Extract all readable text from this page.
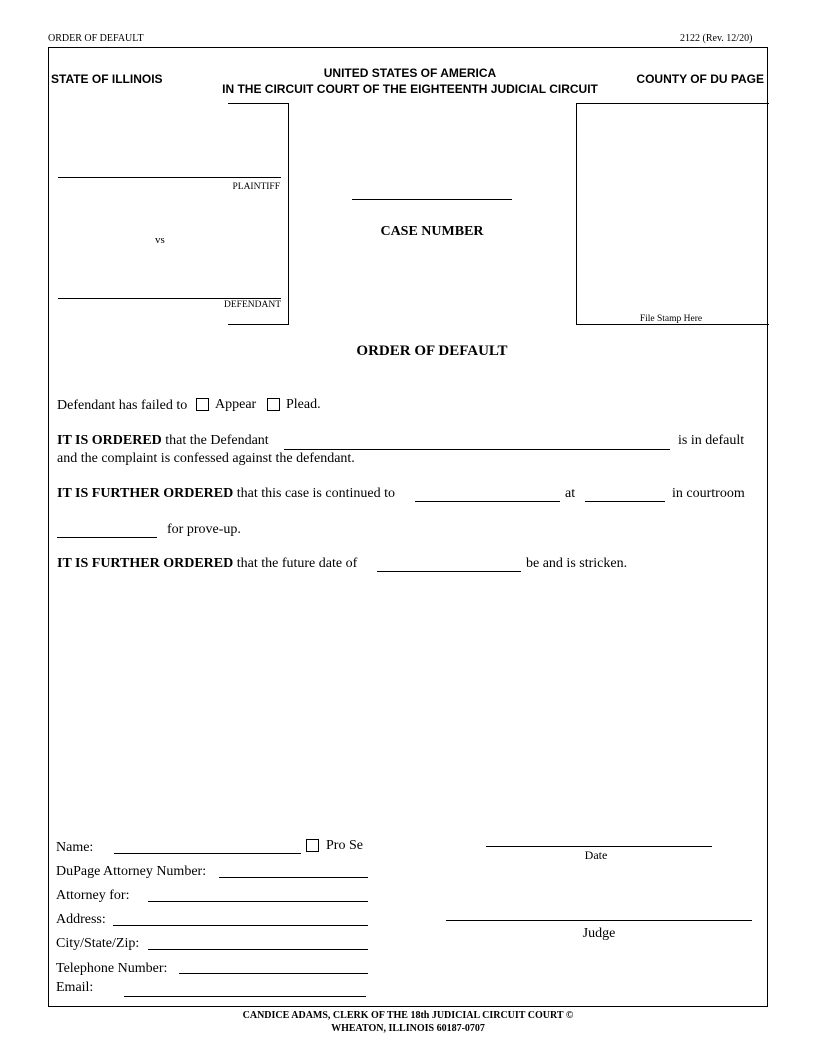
ORDER OF DEFAULT	2122 (Rev. 12/20)
STATE OF ILLINOIS	UNITED STATES OF AMERICA
IN THE CIRCUIT COURT OF THE EIGHTEENTH JUDICIAL CIRCUIT
COUNTY OF DU PAGE
PLAINTIFF
vs
DEFENDANT
CASE NUMBER
File Stamp Here
ORDER OF DEFAULT
Defendant has failed to Appear Plead.
IT IS ORDERED that the Defendant	is in default
and the complaint is confessed against the defendant.
IT IS FURTHER ORDERED that this case is continued to	at	in courtroom
for prove-up.
IT IS FURTHER ORDERED that the future date of	be and is stricken.
Name:	Pro Se
DuPage Attorney Number:
Attorney for:
Address:
City/State/Zip:
Telephone Number:
Email:
Date
Judge
CANDICE ADAMS, CLERK OF THE 18th JUDICIAL CIRCUIT COURT ©
WHEATON, ILLINOIS 60187-0707
